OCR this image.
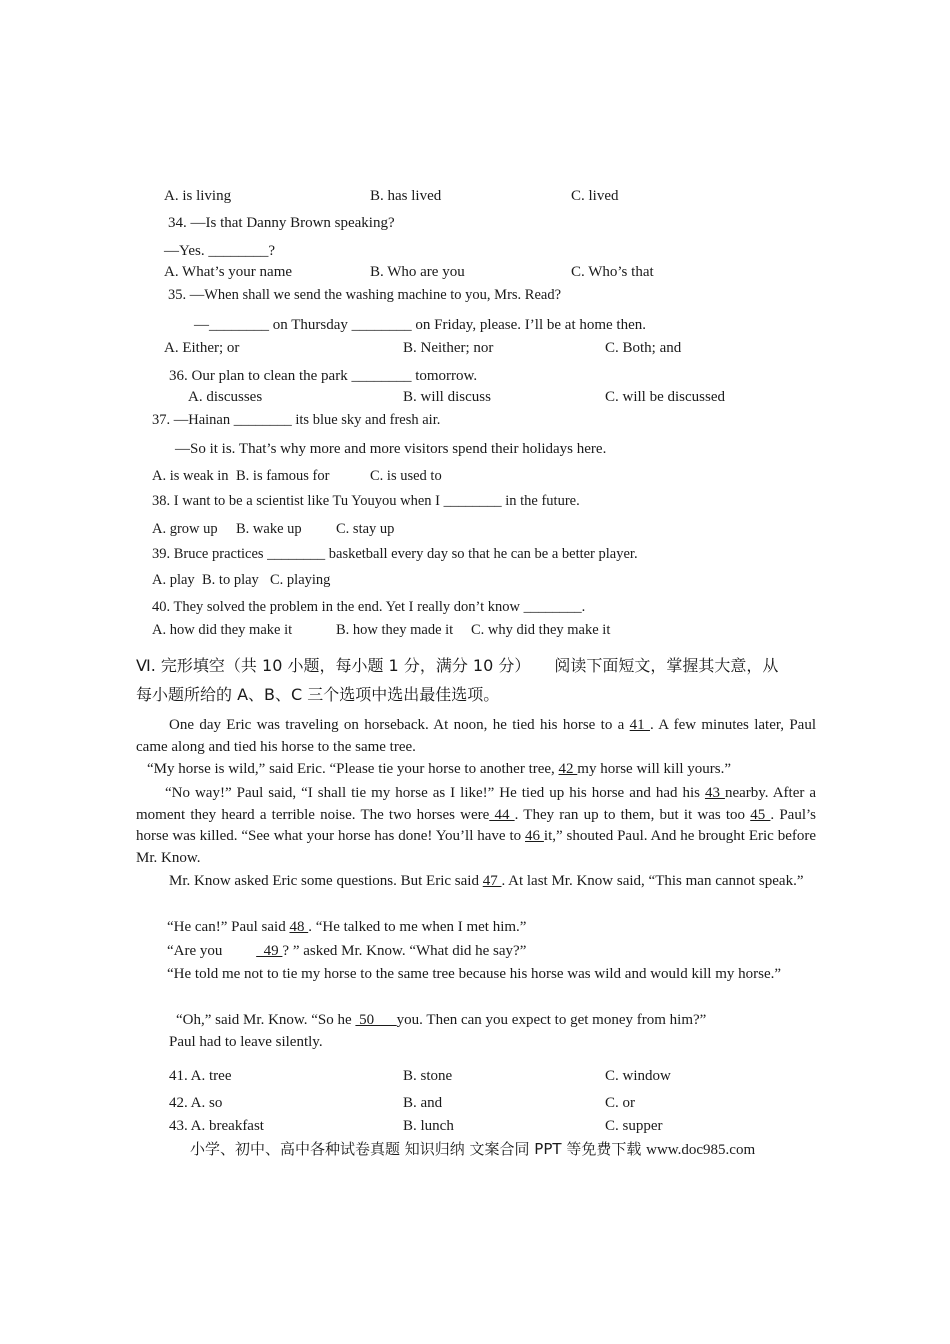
A. is living	B. has lived	C. lived
34. —Is that Danny Brown speaking?
—Yes. ________?
A. What’s your name	B. Who are you	C. Who’s that
35. —When shall we send the washing machine to you, Mrs. Read?
—________ on Thursday ________ on Friday, please. I’ll be at home then.
A. Either; or	B. Neither; nor	C. Both; and
36. Our plan to clean the park ________ tomorrow.
A. discusses	B. will discuss	C. will be discussed
37. —Hainan ________ its blue sky and fresh air.
—So it is. That’s why more and more visitors spend their holidays here.
A. is weak in B. is famous for	C. is used to
38. I want to be a scientist like Tu Youyou when I ________ in the future.
A. grow up B. wake up C. stay up
39. Bruce practices ________ basketball every day so that he can be a better player.
A. play B. to play C. playing
40. They solved the problem in the end. Yet I really don’t know ________.
A. how did they make it	B. how they made it C. why did they make it
Ⅵ. 完形填空（共 10 小题，每小题 1 分，满分 10 分）　　阅读下面短文，掌握其大意，从
每小题所给的 A、B、C 三个选项中选出最佳选项。
One day Eric was traveling on horseback. At noon, he tied his horse to a 41 . A few minutes later, Paul came along and tied his horse to the same tree.
“My horse is wild,” said Eric. “Please tie your horse to another tree, 42 my horse will kill yours.”
“No way!” Paul said, “I shall tie my horse as I like!” He tied up his horse and had his 43 nearby. After a moment they heard a terrible noise. The two horses were 44 . They ran up to them, but it was too 45 . Paul’s horse was killed. “See what your horse has done! You’ll have to 46 it,” shouted Paul. And he brought Eric before Mr. Know.
Mr. Know asked Eric some questions. But Eric said 47 . At last Mr. Know said, “This man cannot speak.”
“He can!” Paul said 48 . “He talked to me when I met him.”
“Are you           49 ? ” asked Mr. Know. “What did he say?”
“He told me not to tie my horse to the same tree because his horse was wild and would kill my horse.”
“Oh,” said Mr. Know. “So he  50      you. Then can you expect to get money from him?”
Paul had to leave silently.
41. A. tree	B. stone	C. window
42. A. so	B. and	C. or
43. A. breakfast	B. lunch	C. supper
小学、初中、高中各种试卷真题 知识归纳 文案合同 PPT 等免费下载 www.doc985.com
